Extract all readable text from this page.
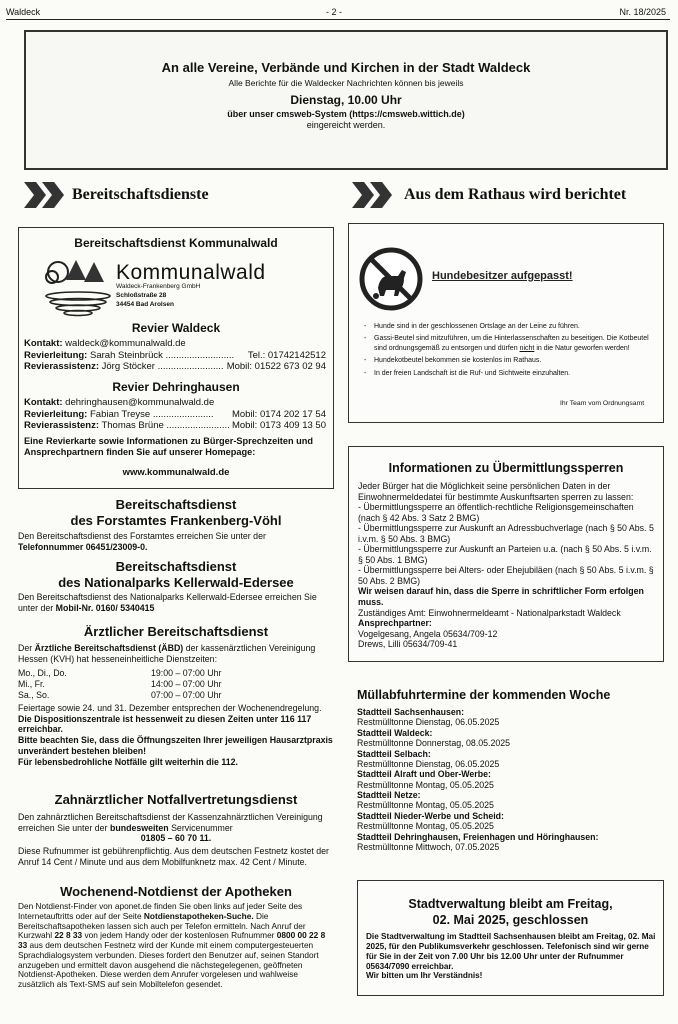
Waldeck	- 2 -	Nr. 18/2025
An alle Vereine, Verbände und Kirchen in der Stadt Waldeck
Alle Berichte für die Waldecker Nachrichten können bis jeweils
Dienstag, 10.00 Uhr
über unser cmsweb-System (https://cmsweb.wittich.de)
eingereicht werden.
Bereitschaftsdienste	Aus dem Rathaus wird berichtet
Bereitschaftsdienst Kommunalwald
Kommunalwald
Waldeck-Frankenberg GmbH
Schloßstraße 28
34454 Bad Arolsen
Revier Waldeck
Kontakt: waldeck@kommunalwald.de
Revierleitung: Sarah Steinbrück .......................... Tel.: 01742142512
Revierassistenz: Jörg Stöcker ......................... Mobil: 01522 673 02 94
Revier Dehringhausen
Kontakt: dehringhausen@kommunalwald.de
Revierleitung: Fabian Treyse ....................... Mobil: 0174 202 17 54
Revierassistenz: Thomas Brüne ........................ Mobil: 0173 409 13 50
Eine Revierkarte sowie Informationen zu Bürger-Sprechzeiten und Ansprechpartnern finden Sie auf unserer Homepage:
www.kommunalwald.de
Bereitschaftsdienst
des Forstamtes Frankenberg-Vöhl
Den Bereitschaftsdienst des Forstamtes erreichen Sie unter der
Telefonnummer 06451/23009-0.
Bereitschaftsdienst
des Nationalparks Kellerwald-Edersee
Den Bereitschaftsdienst des Nationalparks Kellerwald-Edersee erreichen Sie unter der Mobil-Nr. 0160/ 5340415
Ärztlicher Bereitschaftsdienst
Der Ärztliche Bereitschaftsdienst (ÄBD) der kassenärztlichen Vereinigung Hessen (KVH) hat hesseneinheitliche Dienstzeiten:
Mo., Di., Do.	19:00 – 07:00 Uhr
Mi., Fr.	14:00 – 07:00 Uhr
Sa., So.	07:00 – 07:00 Uhr
Feiertage sowie 24. und 31. Dezember entsprechen der Wochenendregelung.
Die Dispositionszentrale ist hessenweit zu diesen Zeiten unter 116 117 erreichbar.
Bitte beachten Sie, dass die Öffnungszeiten Ihrer jeweiligen Hausarztpraxis unverändert bestehen bleiben!
Für lebensbedrohliche Notfälle gilt weiterhin die 112.
Zahnärztlicher Notfallvertretungsdienst
Den zahnärztlichen Bereitschaftsdienst der Kassenzahnärztlichen Vereinigung erreichen Sie unter der bundesweiten Servicenummer
01805 – 60 70 11.
Diese Rufnummer ist gebührenpflichtig. Aus dem deutschen Festnetz kostet der Anruf 14 Cent / Minute und aus dem Mobilfunknetz max. 42 Cent / Minute.
Wochenend-Notdienst der Apotheken
Den Notdienst-Finder von aponet.de finden Sie oben links auf jeder Seite des Internetauftritts oder auf der Seite Notdienstapotheken-Suche. Die Bereitschaftsapotheken lassen sich auch per Telefon ermitteln. Nach Anruf der Kurzwahl 22 8 33 von jedem Handy oder der kostenlosen Rufnummer 0800 00 22 8 33 aus dem deutschen Festnetz wird der Kunde mit einem computergesteuerten Sprachdialogsystem verbunden. Dieses fordert den Benutzer auf, seinen Standort anzugeben und ermittelt davon ausgehend die nächstegelegenen, geöffneten Notdienst-Apotheken. Diese werden dem Anrufer vorgelesen und wahlweise zusätzlich als Text-SMS auf sein Mobiltelefon gesendet.
Hundebesitzer aufgepasst!
- Hunde sind in der geschlossenen Ortslage an der Leine zu führen.
- Gassi-Beutel sind mitzuführen, um die Hinterlassenschaften zu beseitigen. Die Kotbeutel sind ordnungsgemäß zu entsorgen und dürfen nicht in die Natur geworfen werden!
- Hundekotbeutel bekommen sie kostenlos im Rathaus.
- In der freien Landschaft ist die Ruf- und Sichtweite einzuhalten.
Ihr Team vom Ordnungsamt
Informationen zu Übermittlungssperren
Jeder Bürger hat die Möglichkeit seine persönlichen Daten in der Einwohnermeldedatei für bestimmte Auskunftsarten sperren zu lassen:
- Übermittlungssperre an öffentlich-rechtliche Religionsgemeinschaften (nach § 42 Abs. 3 Satz 2 BMG)
- Übermittlungssperre zur Auskunft an Adressbuchverlage (nach § 50 Abs. 5 i.v.m. § 50 Abs. 3 BMG)
- Übermittlungssperre zur Auskunft an Parteien u.a. (nach § 50 Abs. 5 i.v.m. § 50 Abs. 1 BMG)
- Übermittlungssperre bei Alters- oder Ehejubiläen (nach § 50 Abs. 5 i.v.m. § 50 Abs. 2 BMG)
Wir weisen darauf hin, dass die Sperre in schriftlicher Form erfolgen muss.
Zuständiges Amt: Einwohnermeldeamt - Nationalparkstadt Waldeck
Ansprechpartner:
Vogelgesang, Angela 05634/709-12
Drews, Lilli 05634/709-41
Müllabfuhrtermine der kommenden Woche
Stadtteil Sachsenhausen:
Restmülltonne Dienstag, 06.05.2025
Stadtteil Waldeck:
Restmülltonne Donnerstag, 08.05.2025
Stadtteil Selbach:
Restmülltonne Dienstag, 06.05.2025
Stadtteil Alraft und Ober-Werbe:
Restmülltonne Montag, 05.05.2025
Stadtteil Netze:
Restmülltonne Montag, 05.05.2025
Stadtteil Nieder-Werbe und Scheid:
Restmülltonne Montag, 05.05.2025
Stadtteil Dehringhausen, Freienhagen und Höringhausen:
Restmülltonne Mittwoch, 07.05.2025
Stadtverwaltung bleibt am Freitag,
02. Mai 2025, geschlossen
Die Stadtverwaltung im Stadtteil Sachsenhausen bleibt am Freitag, 02. Mai 2025, für den Publikumsverkehr geschlossen. Telefonisch sind wir gerne für Sie in der Zeit von 7.00 Uhr bis 12.00 Uhr unter der Rufnummer 05634/7090 erreichbar.
Wir bitten um Ihr Verständnis!
